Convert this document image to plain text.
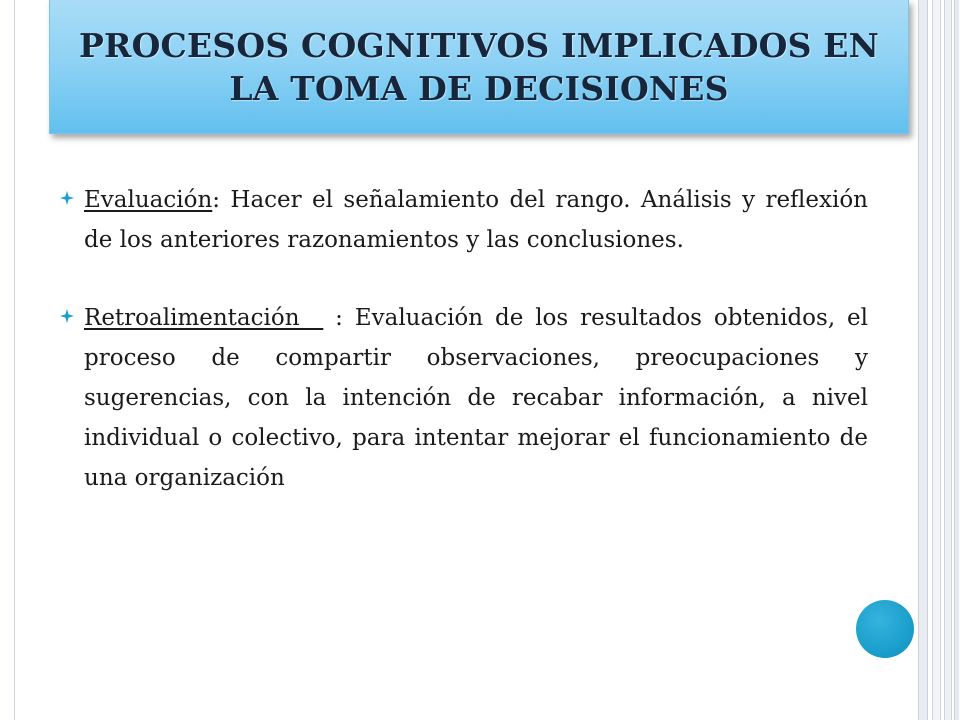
PROCESOS COGNITIVOS IMPLICADOS EN LA TOMA DE DECISIONES
Evaluación: Hacer el señalamiento del rango. Análisis y reflexión de los anteriores razonamientos y las conclusiones.
Retroalimentación   : Evaluación de los resultados obtenidos, el proceso de compartir observaciones, preocupaciones y sugerencias, con la intención de recabar información, a nivel individual o colectivo, para intentar mejorar el funcionamiento de una organización
